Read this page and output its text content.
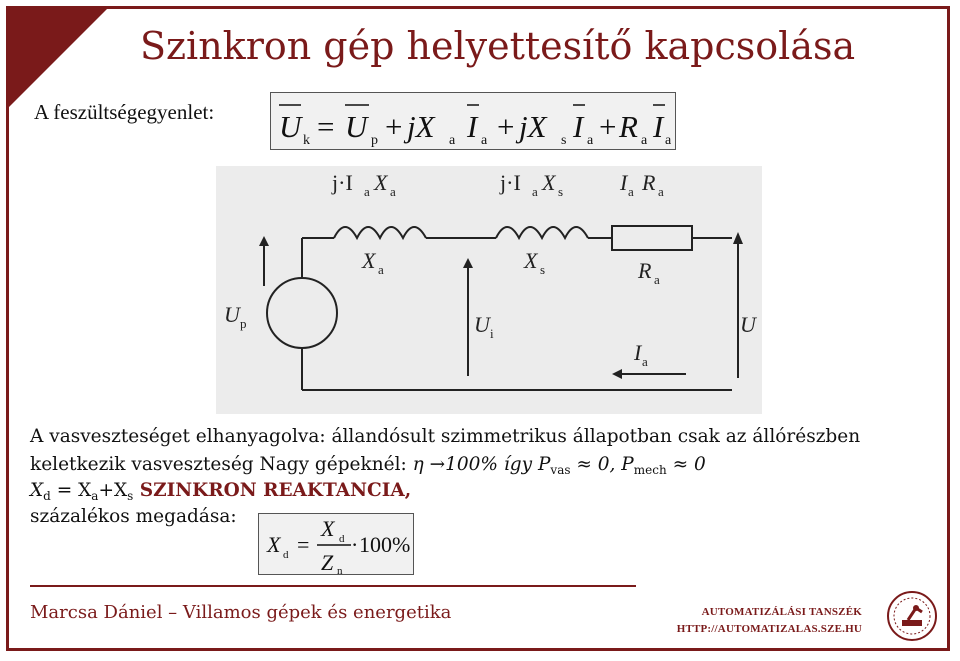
Szinkron gép helyettesítő kapcsolása
A feszültségegyenlet: U k = U p + jX a I a + jX s I a + R a I a
j·I a X a	j·I a X s	I a R a
X a	X s	R a
U p	U i	U
I a
A vasveszteséget elhanyagolva: állandósult szimmetrikus állapotban csak az állórészben
keletkezik vasveszteség Nagy gépeknél: η →100% így $P_{vas} \approx 0$, $P_{mech} \approx 0$
$X_d = X_a+X_s$ SZINKRON REAKTANCIA,
százalékos megadása:
X d =
X d
Z n
· 100%
Marcsa Dániel – Villamos gépek és energetika	AUTOMATIZÁLÁSI TANSZÉK
HTTP://AUTOMATIZALAS.SZE.HU
